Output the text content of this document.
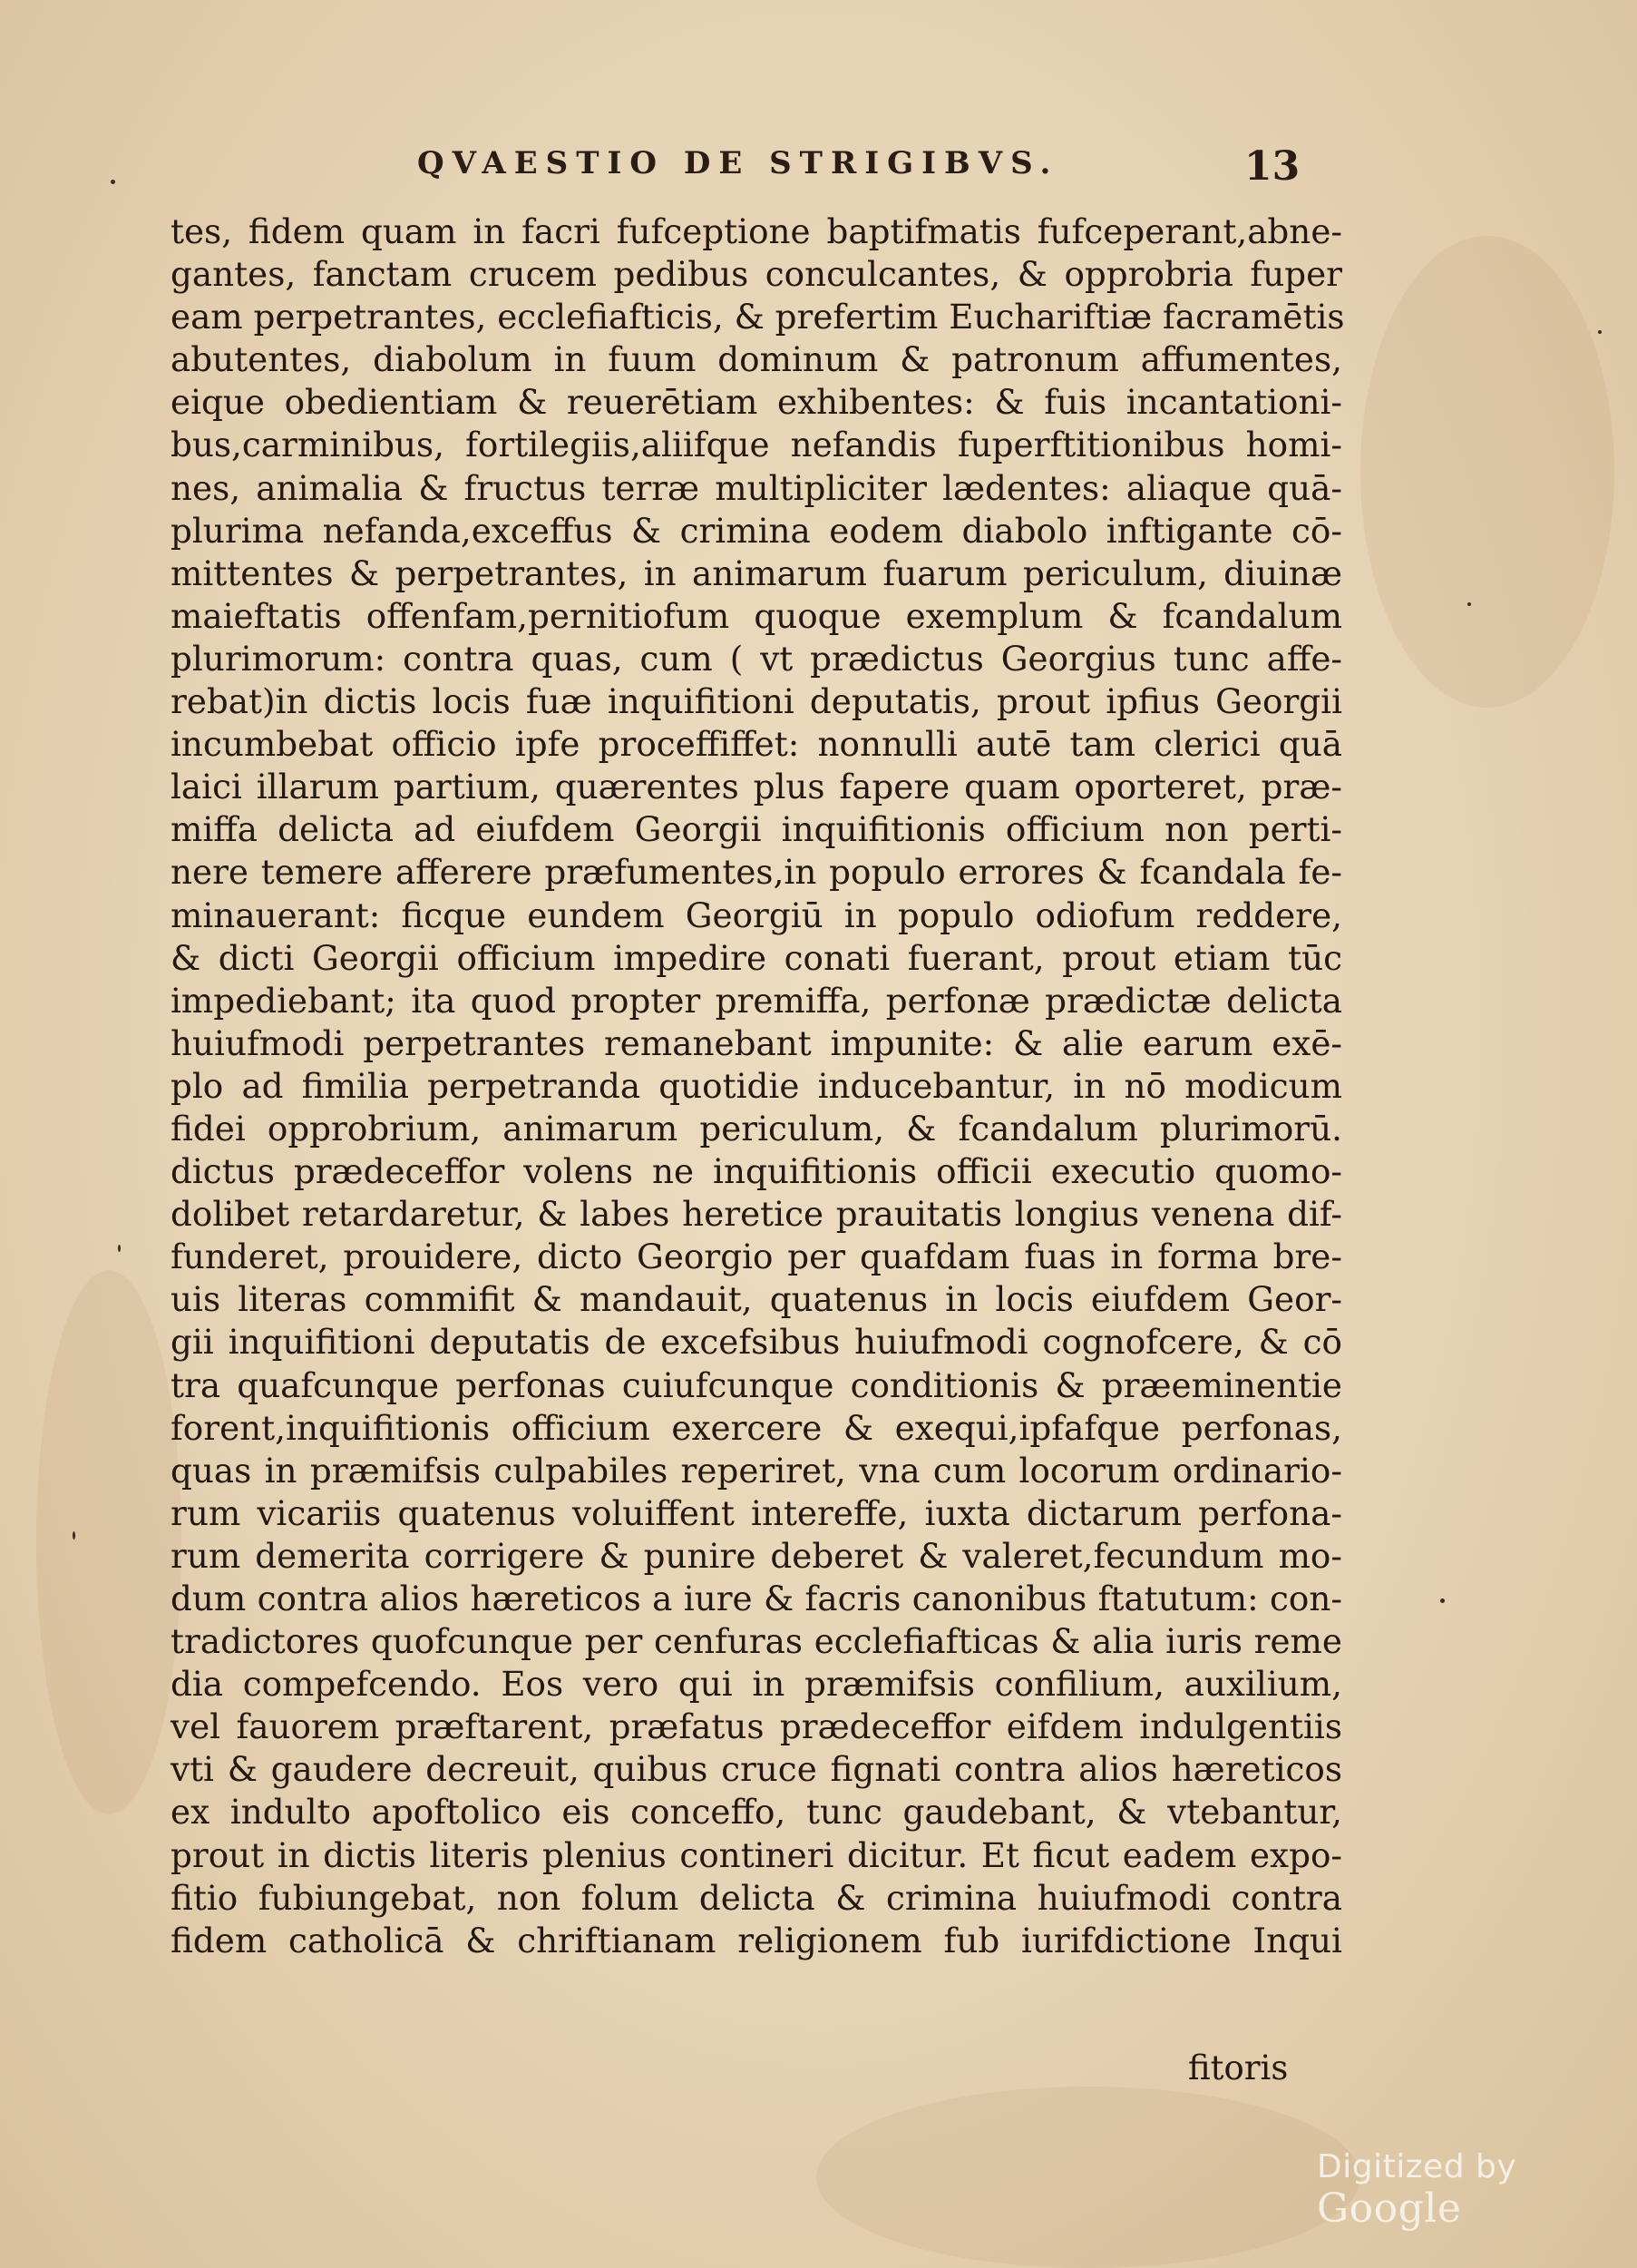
QVAESTIO DE STRIGIBVS.	13
tes, fidem quam in facri fufceptione baptifmatis fufceperant,abne-
gantes, fanctam crucem pedibus conculcantes, & opprobria fuper
eam perpetrantes, ecclefiafticis, & prefertim Euchariftiæ facramētis
abutentes, diabolum in fuum dominum & patronum affumentes,
eique obedientiam & reuerētiam exhibentes: & fuis incantationi-
bus,carminibus, fortilegiis,aliifque nefandis fuperftitionibus homi-
nes, animalia & fructus terræ multipliciter lædentes: aliaque quā-
plurima nefanda,exceffus & crimina eodem diabolo inftigante cō-
mittentes & perpetrantes, in animarum fuarum periculum, diuinæ
maieftatis offenfam,pernitiofum quoque exemplum & fcandalum
plurimorum: contra quas, cum ( vt prædictus Georgius tunc affe-
rebat)in dictis locis fuæ inquifitioni deputatis, prout ipfius Georgii
incumbebat officio ipfe proceffiffet: nonnulli autē tam clerici quā
laici illarum partium, quærentes plus fapere quam oporteret, præ-
miffa delicta ad eiufdem Georgii inquifitionis officium non perti-
nere temere afferere præfumentes,in populo errores & fcandala fe-
minauerant: ficque eundem Georgiū in populo odiofum reddere,
& dicti Georgii officium impedire conati fuerant, prout etiam tūc
impediebant; ita quod propter premiffa, perfonæ prædictæ delicta
huiufmodi perpetrantes remanebant impunite: & alie earum exē-
plo ad fimilia perpetranda quotidie inducebantur, in nō modicum
fidei opprobrium, animarum periculum, & fcandalum plurimorū.
dictus prædeceffor volens ne inquifitionis officii executio quomo-
dolibet retardaretur, & labes heretice prauitatis longius venena dif-
funderet, prouidere, dicto Georgio per quafdam fuas in forma bre-
uis literas commifit & mandauit, quatenus in locis eiufdem Geor-
gii inquifitioni deputatis de excefsibus huiufmodi cognofcere, & cō
tra quafcunque perfonas cuiufcunque conditionis & præeminentie
forent,inquifitionis officium exercere & exequi,ipfafque perfonas,
quas in præmifsis culpabiles reperiret, vna cum locorum ordinario-
rum vicariis quatenus voluiffent intereffe, iuxta dictarum perfona-
rum demerita corrigere & punire deberet & valeret,fecundum mo-
dum contra alios hæreticos a iure & facris canonibus ftatutum: con-
tradictores quofcunque per cenfuras ecclefiafticas & alia iuris reme
dia compefcendo. Eos vero qui in præmifsis confilium, auxilium,
vel fauorem præftarent, præfatus prædeceffor eifdem indulgentiis
vti & gaudere decreuit, quibus cruce fignati contra alios hæreticos
ex indulto apoftolico eis conceffo, tunc gaudebant, & vtebantur,
prout in dictis literis plenius contineri dicitur. Et ficut eadem expo-
fitio fubiungebat, non folum delicta & crimina huiufmodi contra
fidem catholicā & chriftianam religionem fub iurifdictione Inqui
fitoris
Digitized by Google
